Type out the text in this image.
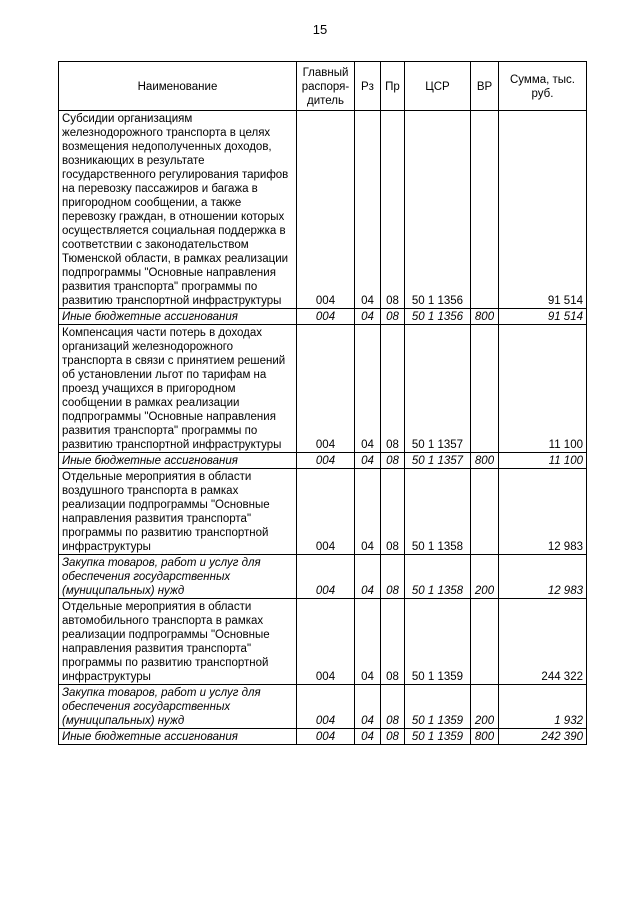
15
Наименование	Главный распоря-дитель	Рз	Пр	ЦСР	ВР	Сумма, тыс. руб.
Субсидии организациям железнодорожного транспорта в целях возмещения недополученных доходов, возникающих в результате государственного регулирования тарифов на перевозку пассажиров и багажа в пригородном сообщении, а также перевозку граждан, в отношении которых осуществляется социальная поддержка в соответствии с законодательством Тюменской области, в рамках реализации подпрограммы "Основные направления развития транспорта" программы по развитию транспортной инфраструктуры	004	04	08	50 1 1356		91 514
Иные бюджетные ассигнования	004	04	08	50 1 1356	800	91 514
Компенсация части потерь в доходах организаций железнодорожного транспорта в связи с принятием решений об установлении льгот по тарифам на проезд учащихся в пригородном сообщении в рамках реализации подпрограммы "Основные направления развития транспорта" программы по развитию транспортной инфраструктуры	004	04	08	50 1 1357		11 100
Иные бюджетные ассигнования	004	04	08	50 1 1357	800	11 100
Отдельные мероприятия в области воздушного транспорта в рамках реализации подпрограммы "Основные направления развития транспорта" программы по развитию транспортной инфраструктуры	004	04	08	50 1 1358		12 983
Закупка товаров, работ и услуг для обеспечения государственных (муниципальных) нужд	004	04	08	50 1 1358	200	12 983
Отдельные мероприятия в области автомобильного транспорта в рамках реализации подпрограммы "Основные направления развития транспорта" программы по развитию транспортной инфраструктуры	004	04	08	50 1 1359		244 322
Закупка товаров, работ и услуг для обеспечения государственных (муниципальных) нужд	004	04	08	50 1 1359	200	1 932
Иные бюджетные ассигнования	004	04	08	50 1 1359	800	242 390
